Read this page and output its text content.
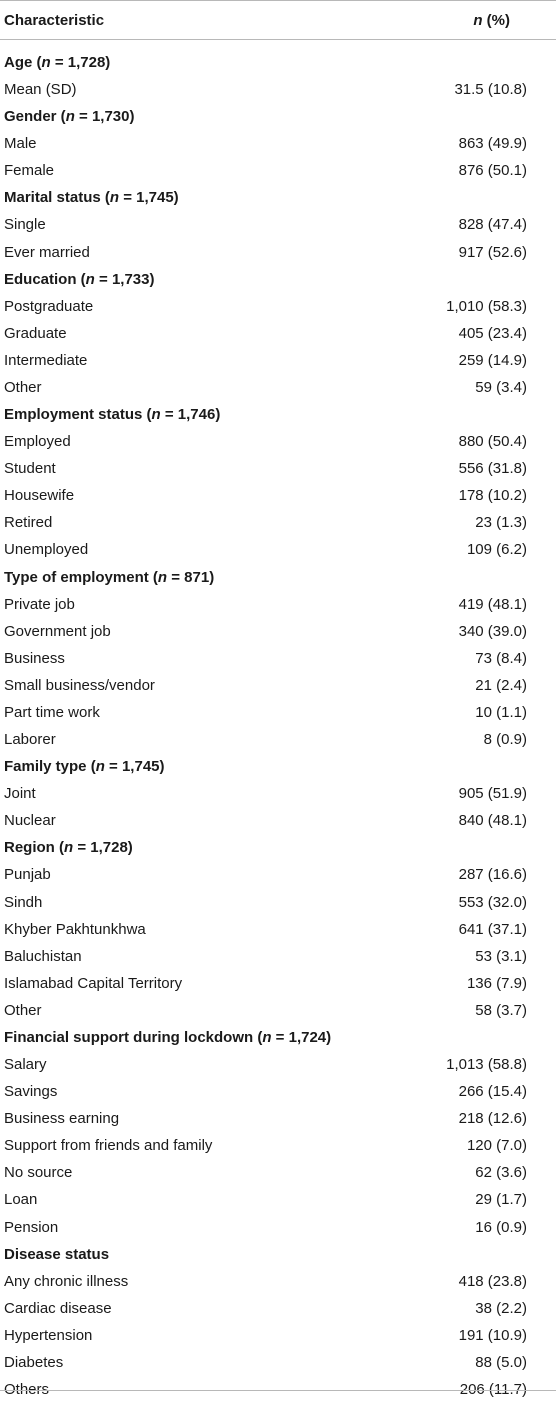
Characteristic	n (%)
Age (n = 1,728)
Mean (SD)	31.5 (10.8)
Gender (n = 1,730)
Male	863 (49.9)
Female	876 (50.1)
Marital status (n = 1,745)
Single	828 (47.4)
Ever married	917 (52.6)
Education (n = 1,733)
Postgraduate	1,010 (58.3)
Graduate	405 (23.4)
Intermediate	259 (14.9)
Other	59 (3.4)
Employment status (n = 1,746)
Employed	880 (50.4)
Student	556 (31.8)
Housewife	178 (10.2)
Retired	23 (1.3)
Unemployed	109 (6.2)
Type of employment (n = 871)
Private job	419 (48.1)
Government job	340 (39.0)
Business	73 (8.4)
Small business/vendor	21 (2.4)
Part time work	10 (1.1)
Laborer	8 (0.9)
Family type (n = 1,745)
Joint	905 (51.9)
Nuclear	840 (48.1)
Region (n = 1,728)
Punjab	287 (16.6)
Sindh	553 (32.0)
Khyber Pakhtunkhwa	641 (37.1)
Baluchistan	53 (3.1)
Islamabad Capital Territory	136 (7.9)
Other	58 (3.7)
Financial support during lockdown (n = 1,724)
Salary	1,013 (58.8)
Savings	266 (15.4)
Business earning	218 (12.6)
Support from friends and family	120 (7.0)
No source	62 (3.6)
Loan	29 (1.7)
Pension	16 (0.9)
Disease status
Any chronic illness	418 (23.8)
Cardiac disease	38 (2.2)
Hypertension	191 (10.9)
Diabetes	88 (5.0)
Others	206 (11.7)
